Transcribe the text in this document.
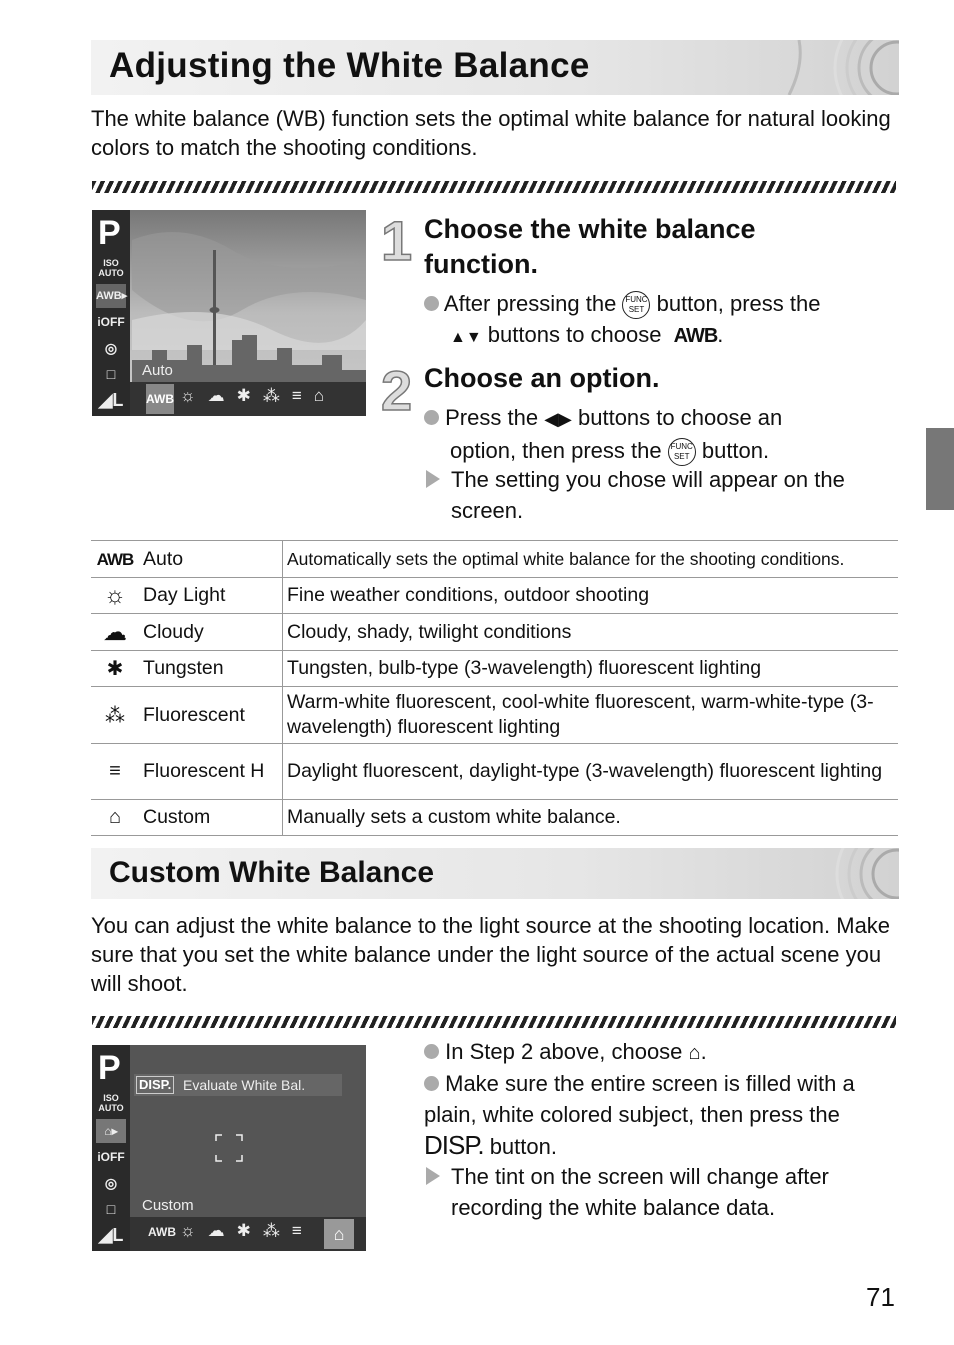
Adjusting the White Balance
The white balance (WB) function sets the optimal white balance for natural looking colors to match the shooting conditions.
P
ISO
AUTO
AWB▸
iOFF
◎
□
◢L
Auto
AWB ☼☁✱⁂≡⌂
1 Choose the white balance function.
After pressing the FUNC
SET button, press the
▲▼ buttons to choose AWB.
2 Choose an option.
Press the ◀▶ buttons to choose an
option, then press the FUNC
SET button.
The setting you chose will appear on the screen.
AWB	Auto	Automatically sets the optimal white balance for the shooting conditions.
☼	Day Light	Fine weather conditions, outdoor shooting
☁	Cloudy	Cloudy, shady, twilight conditions
✱	Tungsten	Tungsten, bulb-type (3-wavelength) fluorescent lighting
⁂	Fluorescent	Warm-white fluorescent, cool-white fluorescent, warm-white-type (3-wavelength) fluorescent lighting
≡	Fluorescent H	Daylight fluorescent, daylight-type (3-wavelength) fluorescent lighting
⌂	Custom	Manually sets a custom white balance.
Custom White Balance
You can adjust the white balance to the light source at the shooting location. Make sure that you set the white balance under the light source of the actual scene you will shoot.
P
ISO
AUTO
⌂▸
iOFF
◎
□
◢L
DISP. Evaluate White Bal.
Custom
AWB ☼☁✱⁂≡	⌂
In Step 2 above, choose ⌂.
Make sure the entire screen is filled with a plain, white colored subject, then press the DISP. button.
The tint on the screen will change after recording the white balance data.
71
